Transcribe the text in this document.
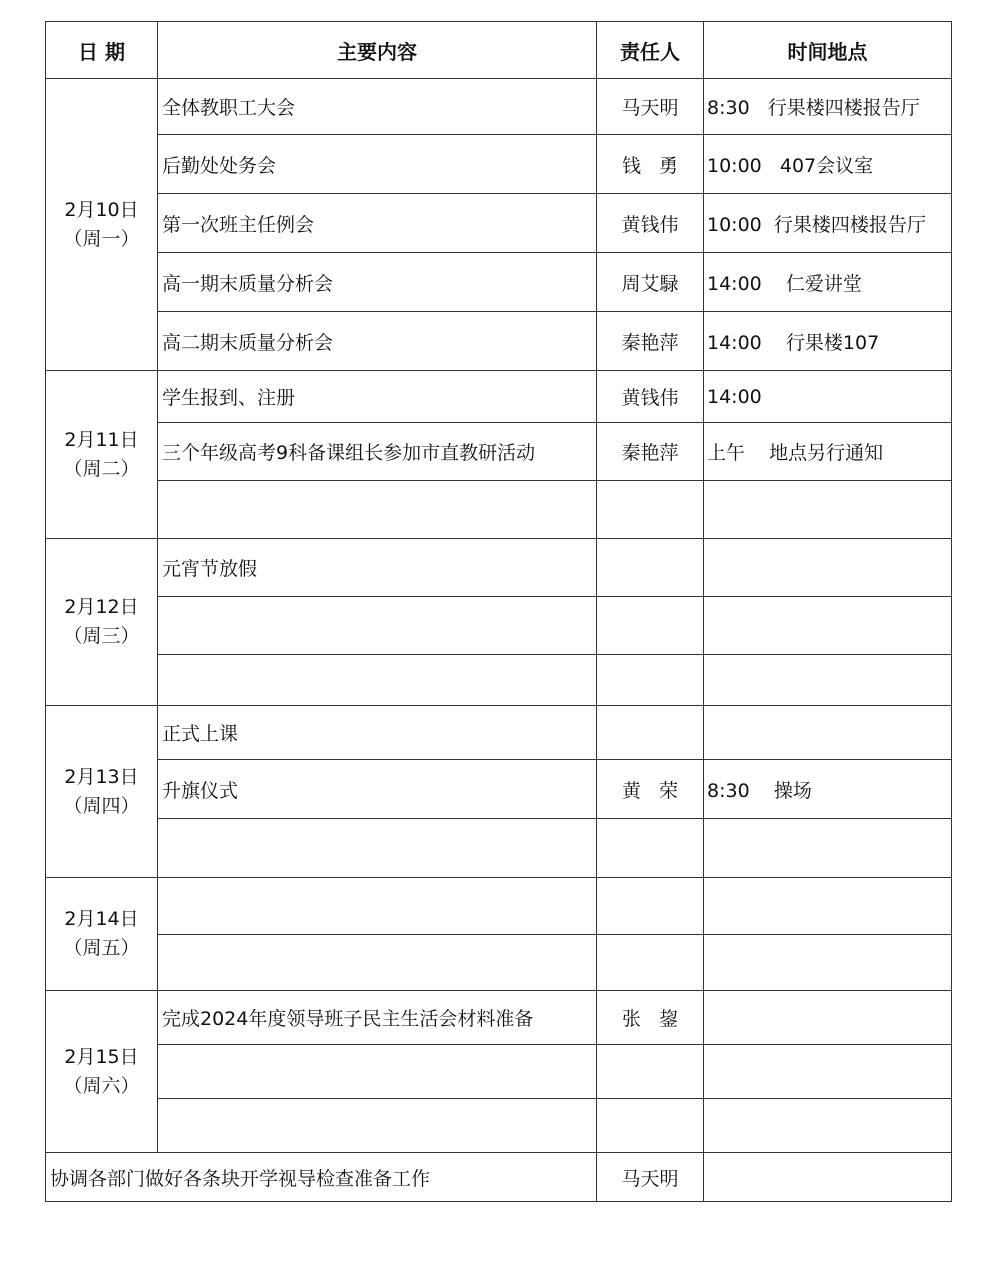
日 期	主要内容	责任人	时间地点

2月10日
（周一）	全体教职工大会	马天明	8:30   行果楼四楼报告厅
	后勤处处务会	钱   勇	10:00   407会议室
	第一次班主任例会	黄钱伟	10:00  行果楼四楼报告厅
	高一期末质量分析会	周艾騄	14:00    仁爱讲堂
	高二期末质量分析会	秦艳萍	14:00    行果楼107

2月11日
（周二）	学生报到、注册	黄钱伟	14:00
	三个年级高考9科备课组长参加市直教研活动	秦艳萍	上午    地点另行通知

2月12日
（周三）	元宵节放假		

2月13日
（周四）	正式上课		
	升旗仪式	黄   荣	8:30    操场

2月14日
（周五）			

2月15日
（周六）	完成2024年度领导班子民主生活会材料准备	张   鋆	

协调各部门做好各条块开学视导检查准备工作		马天明	
